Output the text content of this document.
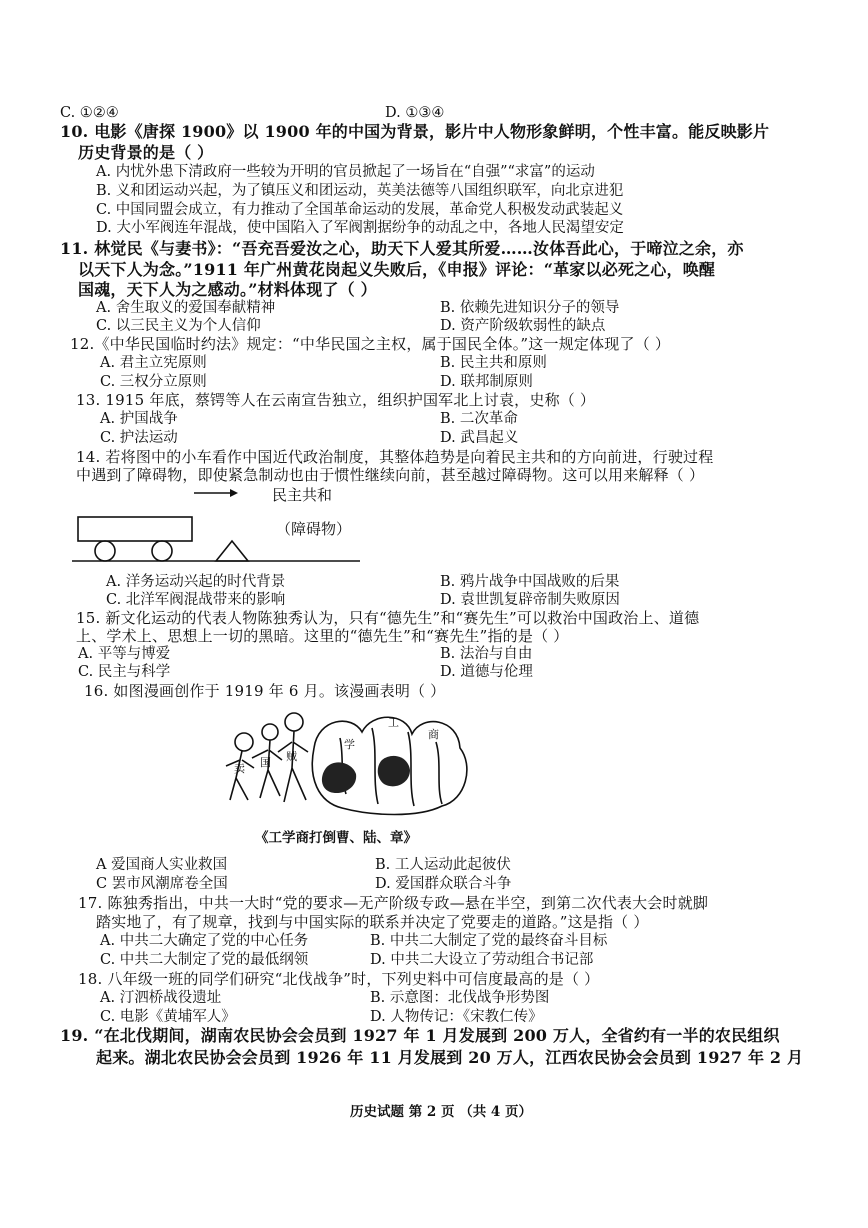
C. ①②④	D. ①③④
10. 电影《唐探 1900》以 1900 年的中国为背景，影片中人物形象鲜明，个性丰富。能反映影片
历史背景的是（ ）
A. 内忧外患下清政府一些较为开明的官员掀起了一场旨在“自强”“求富”的运动
B. 义和团运动兴起，为了镇压义和团运动，英美法德等八国组织联军，向北京进犯
C. 中国同盟会成立，有力推动了全国革命运动的发展，革命党人积极发动武装起义
D. 大小军阀连年混战，使中国陷入了军阀割据纷争的动乱之中，各地人民渴望安定
11. 林觉民《与妻书》：“吾充吾爱汝之心，助天下人爱其所爱……汝体吾此心，于啼泣之余，亦
以天下人为念。”1911 年广州黄花岗起义失败后，《申报》评论：“革家以必死之心，唤醒
国魂，天下人为之感动。”材料体现了（ ）
A. 舍生取义的爱国奉献精神	B. 依赖先进知识分子的领导
C. 以三民主义为个人信仰	D. 资产阶级软弱性的缺点
12.《中华民国临时约法》规定：“中华民国之主权，属于国民全体。”这一规定体现了（ ）
A. 君主立宪原则	B. 民主共和原则
C. 三权分立原则	D. 联邦制原则
13. 1915 年底，蔡锷等人在云南宣告独立，组织护国军北上讨袁，史称（ ）
A. 护国战争	B. 二次革命
C. 护法运动	D. 武昌起义
14. 若将图中的小车看作中国近代政治制度，其整体趋势是向着民主共和的方向前进，行驶过程
中遇到了障碍物，即使紧急制动也由于惯性继续向前，甚至越过障碍物。这可以用来解释（ ）
民主共和
（障碍物）
A. 洋务运动兴起的时代背景	B. 鸦片战争中国战败的后果
C. 北洋军阀混战带来的影响	D. 袁世凯复辟帝制失败原因
15. 新文化运动的代表人物陈独秀认为，只有“德先生”和“赛先生”可以救治中国政治上、道德
上、学术上、思想上一切的黑暗。这里的“德先生”和“赛先生”指的是（ ）
A. 平等与博爱	B. 法治与自由
C. 民主与科学	D. 道德与伦理
16. 如图漫画创作于 1919 年 6 月。该漫画表明（ ）
卖 国 贼
工
商
学
《工学商打倒曹、陆、章》
A 爱国商人实业救国	B. 工人运动此起彼伏
C 罢市风潮席卷全国	D. 爱国群众联合斗争
17. 陈独秀指出，中共一大时“党的要求—无产阶级专政—悬在半空，到第二次代表大会时就脚
踏实地了，有了规章，找到与中国实际的联系并决定了党要走的道路。”这是指（ ）
A. 中共二大确定了党的中心任务	B. 中共二大制定了党的最终奋斗目标
C. 中共二大制定了党的最低纲领	D. 中共二大设立了劳动组合书记部
18. 八年级一班的同学们研究“北伐战争”时，下列史料中可信度最高的是（ ）
A. 汀泗桥战役遗址	B. 示意图：北伐战争形势图
C. 电影《黄埔军人》	D. 人物传记：《宋教仁传》
19. “在北伐期间，湖南农民协会会员到 1927 年 1 月发展到 200 万人，全省约有一半的农民组织
起来。湖北农民协会会员到 1926 年 11 月发展到 20 万人，江西农民协会会员到 1927 年 2 月
历史试题 第 2 页 （共 4 页）
